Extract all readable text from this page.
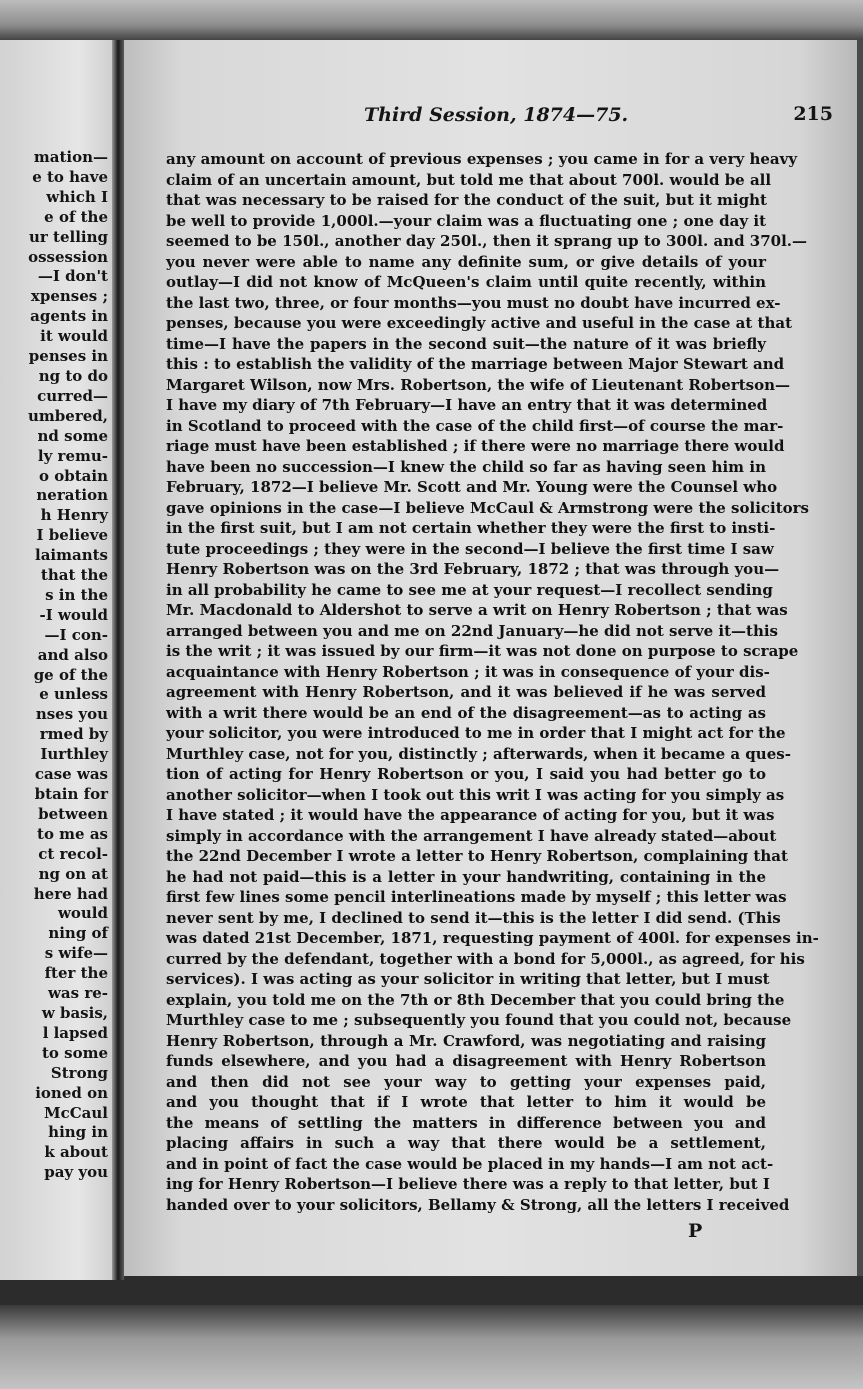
mation—
e to have
which I
e of the
ur telling
ossession
—I don't
xpenses ;
agents in
it would
penses in
ng to do
curred—
umbered,
nd some
ly remu-
o obtain
neration
h Henry
I believe
laimants
that the
s in the
-I would
—I con-
and also
ge of the
e unless
nses you
rmed by
Iurthley
case was
btain for
between
to me as
ct recol-
ng on at
here had
would
ning of
s wife—
fter the
was re-
w basis,
l lapsed
to some
Strong
ioned on
McCaul
hing in
k about
pay you
Third Session, 1874—75.	215
any amount on account of previous expenses ; you came in for a very heavy
claim of an uncertain amount, but told me that about 700l. would be all
that was necessary to be raised for the conduct of the suit, but it might
be well to provide 1,000l.—your claim was a fluctuating one ; one day it
seemed to be 150l., another day 250l., then it sprang up to 300l. and 370l.—
you never were able to name any definite sum, or give details of your
outlay—I did not know of McQueen's claim until quite recently, within
the last two, three, or four months—you must no doubt have incurred ex-
penses, because you were exceedingly active and useful in the case at that
time—I have the papers in the second suit—the nature of it was briefly
this : to establish the validity of the marriage between Major Stewart and
Margaret Wilson, now Mrs. Robertson, the wife of Lieutenant Robertson—
I have my diary of 7th February—I have an entry that it was determined
in Scotland to proceed with the case of the child first—of course the mar-
riage must have been established ; if there were no marriage there would
have been no succession—I knew the child so far as having seen him in
February, 1872—I believe Mr. Scott and Mr. Young were the Counsel who
gave opinions in the case—I believe McCaul & Armstrong were the solicitors
in the first suit, but I am not certain whether they were the first to insti-
tute proceedings ; they were in the second—I believe the first time I saw
Henry Robertson was on the 3rd February, 1872 ; that was through you—
in all probability he came to see me at your request—I recollect sending
Mr. Macdonald to Aldershot to serve a writ on Henry Robertson ; that was
arranged between you and me on 22nd January—he did not serve it—this
is the writ ; it was issued by our firm—it was not done on purpose to scrape
acquaintance with Henry Robertson ; it was in consequence of your dis-
agreement with Henry Robertson, and it was believed if he was served
with a writ there would be an end of the disagreement—as to acting as
your solicitor, you were introduced to me in order that I might act for the
Murthley case, not for you, distinctly ; afterwards, when it became a ques-
tion of acting for Henry Robertson or you, I said you had better go to
another solicitor—when I took out this writ I was acting for you simply as
I have stated ; it would have the appearance of acting for you, but it was
simply in accordance with the arrangement I have already stated—about
the 22nd December I wrote a letter to Henry Robertson, complaining that
he had not paid—this is a letter in your handwriting, containing in the
first few lines some pencil interlineations made by myself ; this letter was
never sent by me, I declined to send it—this is the letter I did send. (This
was dated 21st December, 1871, requesting payment of 400l. for expenses in-
curred by the defendant, together with a bond for 5,000l., as agreed, for his
services). I was acting as your solicitor in writing that letter, but I must
explain, you told me on the 7th or 8th December that you could bring the
Murthley case to me ; subsequently you found that you could not, because
Henry Robertson, through a Mr. Crawford, was negotiating and raising
funds elsewhere, and you had a disagreement with Henry Robertson
and then did not see your way to getting your expenses paid,
and you thought that if I wrote that letter to him it would be
the means of settling the matters in difference between you and
placing affairs in such a way that there would be a settlement,
and in point of fact the case would be placed in my hands—I am not act-
ing for Henry Robertson—I believe there was a reply to that letter, but I
handed over to your solicitors, Bellamy & Strong, all the letters I received
P
